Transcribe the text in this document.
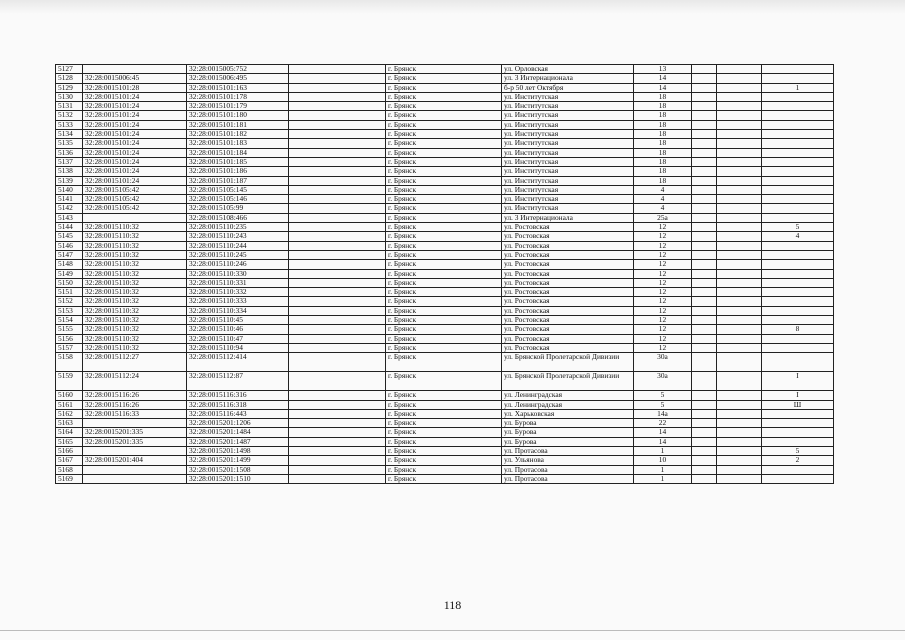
5127		32:28:0015005:752		г. Брянск	ул. Орловская	13			
5128	32:28:0015006:45	32:28:0015006:495		г. Брянск	ул. 3 Интернационала	14			
5129	32:28:0015101:28	32:28:0015101:163		г. Брянск	б-р 50 лет Октября	14			1
5130	32:28:0015101:24	32:28:0015101:178		г. Брянск	ул. Институтская	18			
5131	32:28:0015101:24	32:28:0015101:179		г. Брянск	ул. Институтская	18			
5132	32:28:0015101:24	32:28:0015101:180		г. Брянск	ул. Институтская	18			
5133	32:28:0015101:24	32:28:0015101:181		г. Брянск	ул. Институтская	18			
5134	32:28:0015101:24	32:28:0015101:182		г. Брянск	ул. Институтская	18			
5135	32:28:0015101:24	32:28:0015101:183		г. Брянск	ул. Институтская	18			
5136	32:28:0015101:24	32:28:0015101:184		г. Брянск	ул. Институтская	18			
5137	32:28:0015101:24	32:28:0015101:185		г. Брянск	ул. Институтская	18			
5138	32:28:0015101:24	32:28:0015101:186		г. Брянск	ул. Институтская	18			
5139	32:28:0015101:24	32:28:0015101:187		г. Брянск	ул. Институтская	18			
5140	32:28:0015105:42	32:28:0015105:145		г. Брянск	ул. Институтская	4			
5141	32:28:0015105:42	32:28:0015105:146		г. Брянск	ул. Институтская	4			
5142	32:28:0015105:42	32:28:0015105:99		г. Брянск	ул. Институтская	4			
5143		32:28:0015108:466		г. Брянск	ул. 3 Интернационала	25а			
5144	32:28:0015110:32	32:28:0015110:235		г. Брянск	ул. Ростовская	12			5
5145	32:28:0015110:32	32:28:0015110:243		г. Брянск	ул. Ростовская	12			4
5146	32:28:0015110:32	32:28:0015110:244		г. Брянск	ул. Ростовская	12			
5147	32:28:0015110:32	32:28:0015110:245		г. Брянск	ул. Ростовская	12			
5148	32:28:0015110:32	32:28:0015110:246		г. Брянск	ул. Ростовская	12			
5149	32:28:0015110:32	32:28:0015110:330		г. Брянск	ул. Ростовская	12			
5150	32:28:0015110:32	32:28:0015110:331		г. Брянск	ул. Ростовская	12			
5151	32:28:0015110:32	32:28:0015110:332		г. Брянск	ул. Ростовская	12			
5152	32:28:0015110:32	32:28:0015110:333		г. Брянск	ул. Ростовская	12			
5153	32:28:0015110:32	32:28:0015110:334		г. Брянск	ул. Ростовская	12			
5154	32:28:0015110:32	32:28:0015110:45		г. Брянск	ул. Ростовская	12			
5155	32:28:0015110:32	32:28:0015110:46		г. Брянск	ул. Ростовская	12			8
5156	32:28:0015110:32	32:28:0015110:47		г. Брянск	ул. Ростовская	12			
5157	32:28:0015110:32	32:28:0015110:94		г. Брянск	ул. Ростовская	12			
5158	32:28:0015112:27	32:28:0015112:414		г. Брянск	ул. Брянской Пролетарской Дивизии	30а			
5159	32:28:0015112:24	32:28:0015112:87		г. Брянск	ул. Брянской Пролетарской Дивизии	30а			I
5160	32:28:0015116:26	32:28:0015116:316		г. Брянск	ул. Ленинградская	5			I
5161	32:28:0015116:26	32:28:0015116:318		г. Брянск	ул. Ленинградская	5			Ш
5162	32:28:0015116:33	32:28:0015116:443		г. Брянск	ул. Харьковская	14а			
5163		32:28:0015201:1206		г. Брянск	ул. Бурова	22			
5164	32:28:0015201:335	32:28:0015201:1484		г. Брянск	ул. Бурова	14			
5165	32:28:0015201:335	32:28:0015201:1487		г. Брянск	ул. Бурова	14			
5166		32:28:0015201:1498		г. Брянск	ул. Протасова	1			5
5167	32:28:0015201:404	32:28:0015201:1499		г. Брянск	ул. Ульянова	10			2
5168		32:28:0015201:1508		г. Брянск	ул. Протасова	1			
5169		32:28:0015201:1510		г. Брянск	ул. Протасова	1			
118
